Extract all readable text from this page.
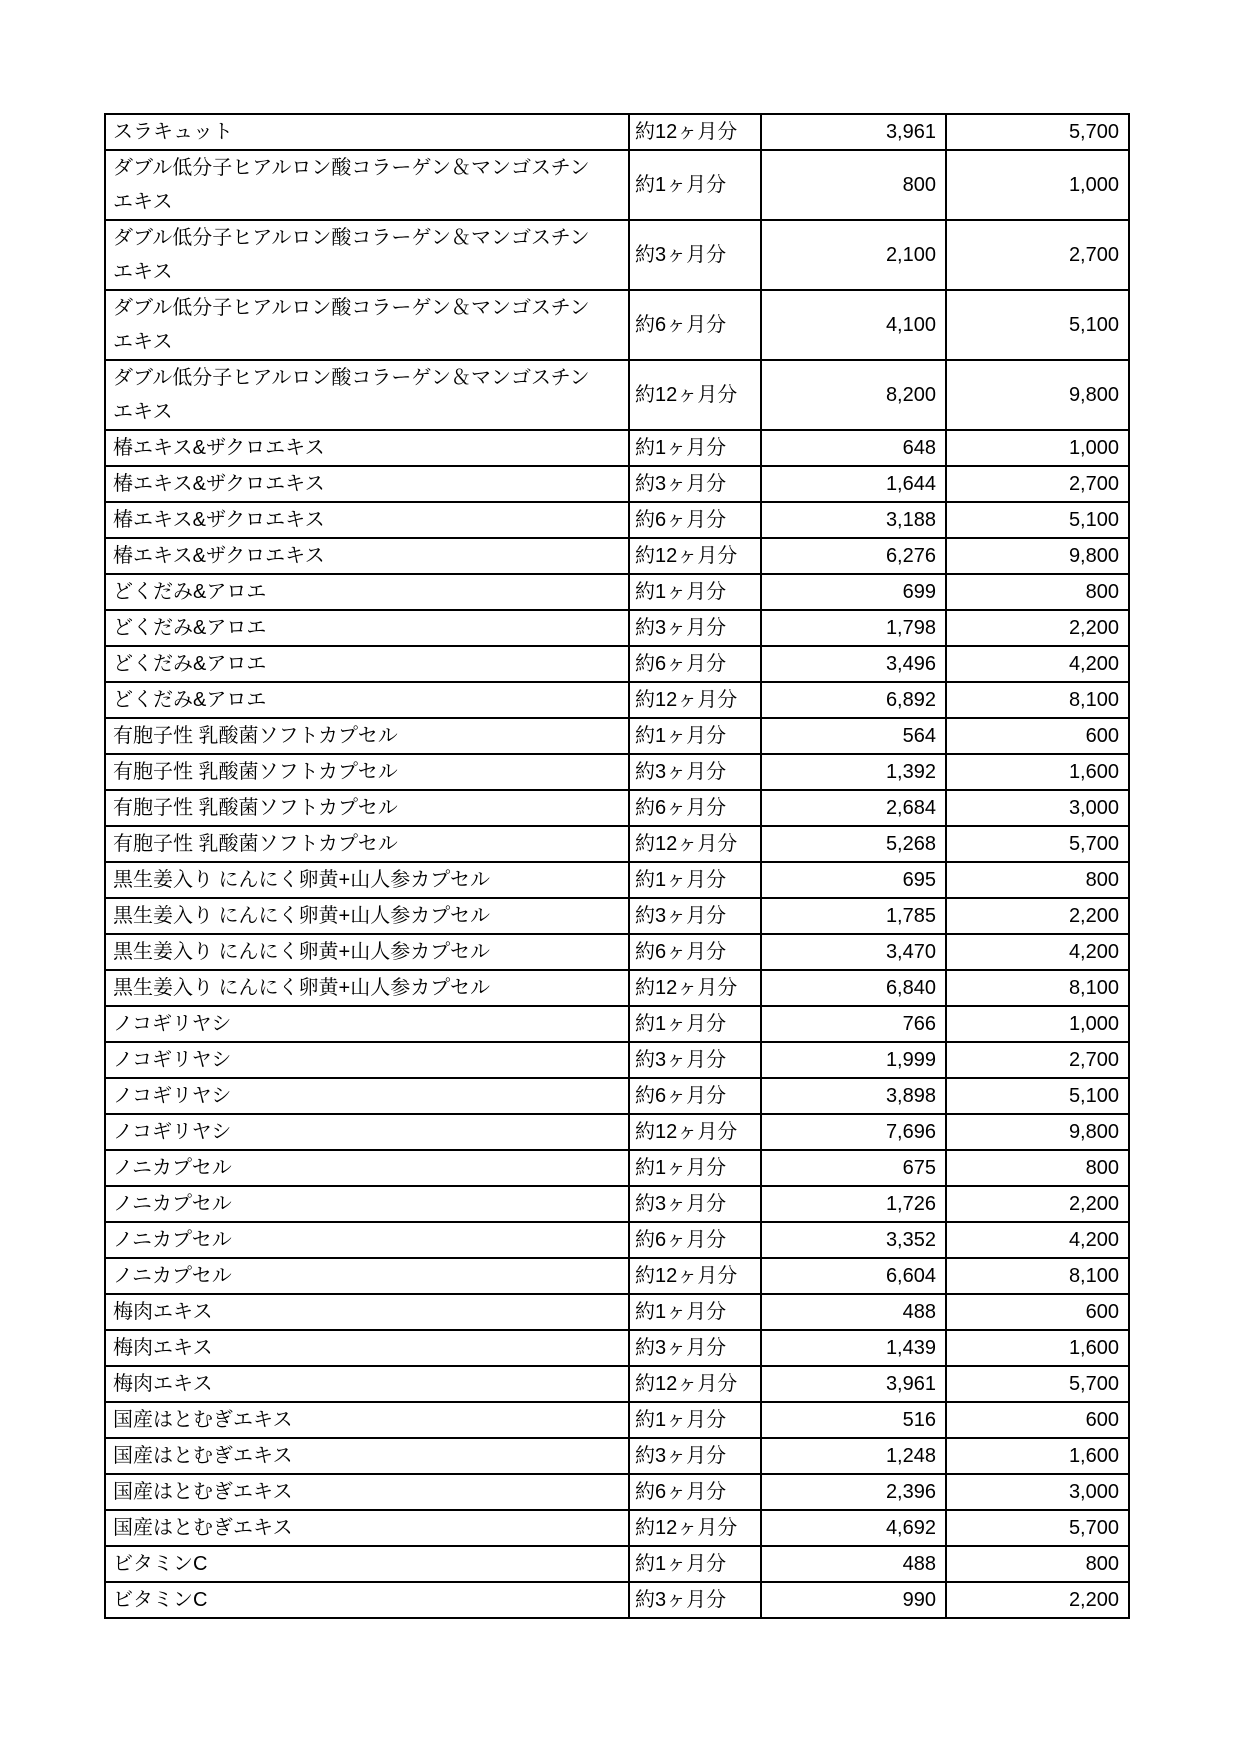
スラキュット	約12ヶ月分	3,961	5,700
ダブル低分子ヒアルロン酸コラーゲン＆マンゴスチンエキス	約1ヶ月分	800	1,000
ダブル低分子ヒアルロン酸コラーゲン＆マンゴスチンエキス	約3ヶ月分	2,100	2,700
ダブル低分子ヒアルロン酸コラーゲン＆マンゴスチンエキス	約6ヶ月分	4,100	5,100
ダブル低分子ヒアルロン酸コラーゲン＆マンゴスチンエキス	約12ヶ月分	8,200	9,800
椿エキス&ザクロエキス	約1ヶ月分	648	1,000
椿エキス&ザクロエキス	約3ヶ月分	1,644	2,700
椿エキス&ザクロエキス	約6ヶ月分	3,188	5,100
椿エキス&ザクロエキス	約12ヶ月分	6,276	9,800
どくだみ&アロエ	約1ヶ月分	699	800
どくだみ&アロエ	約3ヶ月分	1,798	2,200
どくだみ&アロエ	約6ヶ月分	3,496	4,200
どくだみ&アロエ	約12ヶ月分	6,892	8,100
有胞子性 乳酸菌ソフトカプセル	約1ヶ月分	564	600
有胞子性 乳酸菌ソフトカプセル	約3ヶ月分	1,392	1,600
有胞子性 乳酸菌ソフトカプセル	約6ヶ月分	2,684	3,000
有胞子性 乳酸菌ソフトカプセル	約12ヶ月分	5,268	5,700
黒生姜入り にんにく卵黄+山人参カプセル	約1ヶ月分	695	800
黒生姜入り にんにく卵黄+山人参カプセル	約3ヶ月分	1,785	2,200
黒生姜入り にんにく卵黄+山人参カプセル	約6ヶ月分	3,470	4,200
黒生姜入り にんにく卵黄+山人参カプセル	約12ヶ月分	6,840	8,100
ノコギリヤシ	約1ヶ月分	766	1,000
ノコギリヤシ	約3ヶ月分	1,999	2,700
ノコギリヤシ	約6ヶ月分	3,898	5,100
ノコギリヤシ	約12ヶ月分	7,696	9,800
ノニカプセル	約1ヶ月分	675	800
ノニカプセル	約3ヶ月分	1,726	2,200
ノニカプセル	約6ヶ月分	3,352	4,200
ノニカプセル	約12ヶ月分	6,604	8,100
梅肉エキス	約1ヶ月分	488	600
梅肉エキス	約3ヶ月分	1,439	1,600
梅肉エキス	約12ヶ月分	3,961	5,700
国産はとむぎエキス	約1ヶ月分	516	600
国産はとむぎエキス	約3ヶ月分	1,248	1,600
国産はとむぎエキス	約6ヶ月分	2,396	3,000
国産はとむぎエキス	約12ヶ月分	4,692	5,700
ビタミンC	約1ヶ月分	488	800
ビタミンC	約3ヶ月分	990	2,200
